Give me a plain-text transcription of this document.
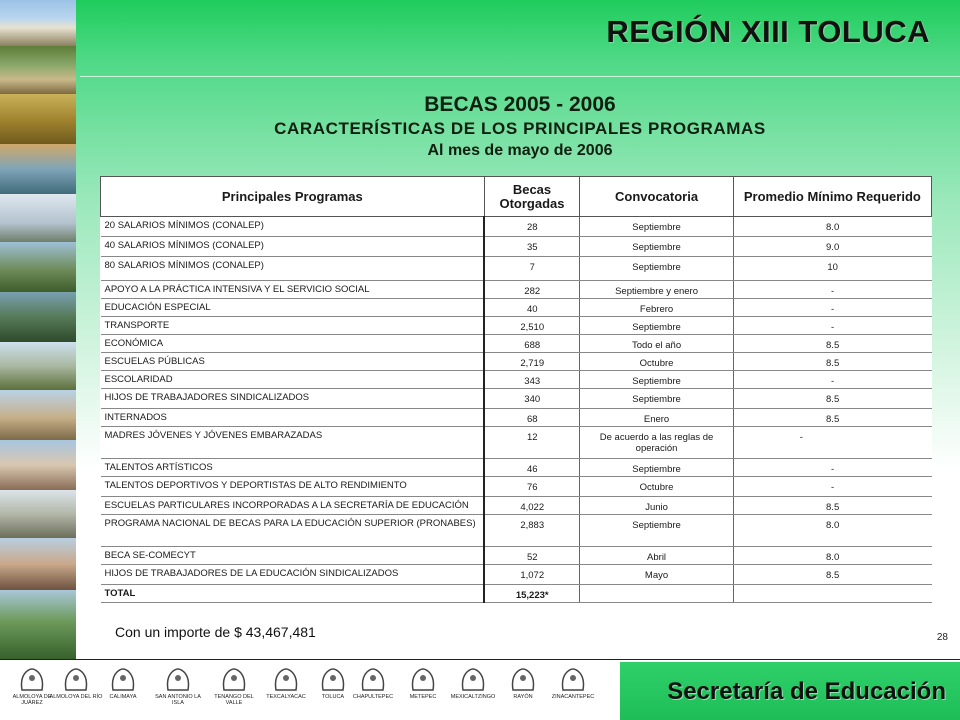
REGIÓN XIII TOLUCA
BECAS 2005 - 2006
CARACTERÍSTICAS DE LOS PRINCIPALES PROGRAMAS
Al mes de mayo de 2006
Principales Programas	Becas Otorgadas	Convocatoria	Promedio Mínimo Requerido
20 SALARIOS MÍNIMOS (CONALEP)	28	Septiembre	8.0
40 SALARIOS MÍNIMOS (CONALEP)	35	Septiembre	9.0
80 SALARIOS MÍNIMOS (CONALEP)	7	Septiembre	10
APOYO A LA PRÁCTICA INTENSIVA Y EL SERVICIO SOCIAL	282	Septiembre y enero	-
EDUCACIÓN ESPECIAL	40	Febrero	-
TRANSPORTE	2,510	Septiembre	-
ECONÓMICA	688	Todo el año	8.5
ESCUELAS PÚBLICAS	2,719	Octubre	8.5
ESCOLARIDAD	343	Septiembre	-
HIJOS DE TRABAJADORES SINDICALIZADOS	340	Septiembre	8.5
INTERNADOS	68	Enero	8.5
MADRES JÓVENES Y JÓVENES EMBARAZADAS	12	De acuerdo a las reglas de operación	-
TALENTOS ARTÍSTICOS	46	Septiembre	-
TALENTOS DEPORTIVOS Y DEPORTISTAS DE ALTO RENDIMIENTO	76	Octubre	-
ESCUELAS PARTICULARES INCORPORADAS A LA SECRETARÍA DE EDUCACIÓN	4,022	Junio	8.5
PROGRAMA NACIONAL DE BECAS PARA LA EDUCACIÓN SUPERIOR (PRONABES)	2,883	Septiembre	8.0
BECA SE-COMECYT	52	Abril	8.0
HIJOS DE TRABAJADORES DE LA EDUCACIÓN SINDICALIZADOS	1,072	Mayo	8.5
TOTAL	15,223*		
Con un importe de $ 43,467,481	28
ALMOLOYA DE JUÁREZ
ALMOLOYA DEL RÍO	CALIMAYA	SAN ANTONIO LA ISLA
TENANGO DEL VALLE
TEXCALYACAC	TOLUCA	CHAPULTEPEC	METEPEC	MEXICALTZINGO	RAYÓN	ZINACANTEPEC	Secretaría de Educación
